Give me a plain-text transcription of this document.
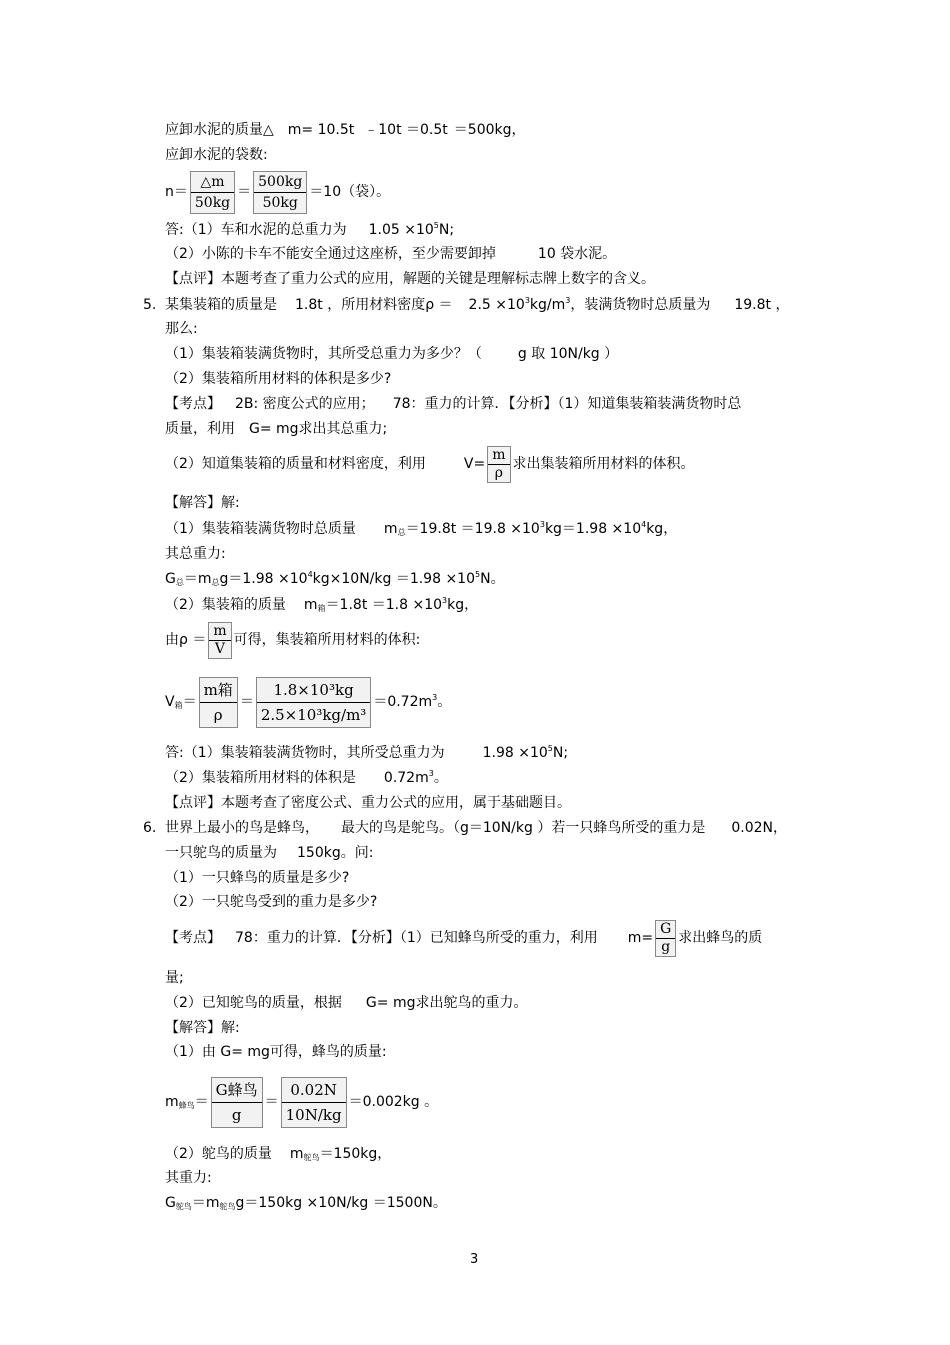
应卸水泥的质量△ m= 10.5t ﹣10t ＝0.5t ＝500kg，
应卸水泥的袋数:
$n= \frac{\triangle m}{50kg} = \frac{500kg}{50kg} =10$（袋）。
答:（1）车和水泥的总重力为 $1.05 \times 10^5N$;
（2）小陈的卡车不能安全通过这座桥，至少需要卸掉	10 袋水泥。
【点评】本题考查了重力公式的应用，解题的关键是理解标志牌上数字的含义。
5. 某集装箱的质量是 1.8t ，所用材料密度$\rho = 2.5 \times 10^3kg/m^3$，装满货物时总质量为 19.8t ，
那么:
（1）集装箱装满货物时，其所受总重力为多少？（	g 取 10N/kg ）
（2）集装箱所用材料的体积是多少?
【考点】 2B: 密度公式的应用； 78：重力的计算．【分析】（1）知道集装箱装满货物时总
质量，利用 G= mg求出其总重力;
（2）知道集装箱的质量和材料密度，利用	$V= \frac{m}{\rho}$ 求出集装箱所用材料的体积。
【解答】解:
（1）集装箱装满货物时总质量 $m_总=19.8t =19.8 \times 10^3kg=1.98 \times 10^4kg$，
其总重力:
$G_总=m_总g=1.98 \times 10^4kg\times 10N/kg =1.98 \times 10^5N$。
（2）集装箱的质量 $m_箱=1.8t =1.8 \times 10^3kg$，
由$\rho = \frac{m}{V}$ 可得，集装箱所用材料的体积:
$V_箱= \frac{\text{m箱}}{\rho} = \frac{\text{1.8×10³kg}}{\text{2.5×10³kg/m³}} =0.72m^3$。
答:（1）集装箱装满货物时，其所受总重力为	$1.98 \times 10^5N$;
（2）集装箱所用材料的体积是 $0.72m^3$。
【点评】本题考查了密度公式、重力公式的应用，属于基础题目。
6. 世界上最小的鸟是蜂鸟， 最大的鸟是鸵鸟。（g＝10N/kg ）若一只蜂鸟所受的重力是 0.02N，
一只鸵鸟的质量为 150kg。问:
（1）一只蜂鸟的质量是多少?
（2）一只鸵鸟受到的重力是多少?
【考点】 78：重力的计算．【分析】（1）已知蜂鸟所受的重力，利用 $m= \frac{G}{g}$ 求出蜂鸟的质
量;
（2）已知鸵鸟的质量，根据 G= mg求出鸵鸟的重力。
【解答】解:
（1）由 G= mg可得，蜂鸟的质量:
$m_{蜂鸟}= \frac{\text{G蜂鸟}}{g} = \frac{0.02N}{10N/kg} =0.002kg$ 。
（2）鸵鸟的质量 $m_{鸵鸟}=150kg$，
其重力:
$G_{鸵鸟}=m_{鸵鸟}g=150kg \times 10N/kg =1500N$。
3
